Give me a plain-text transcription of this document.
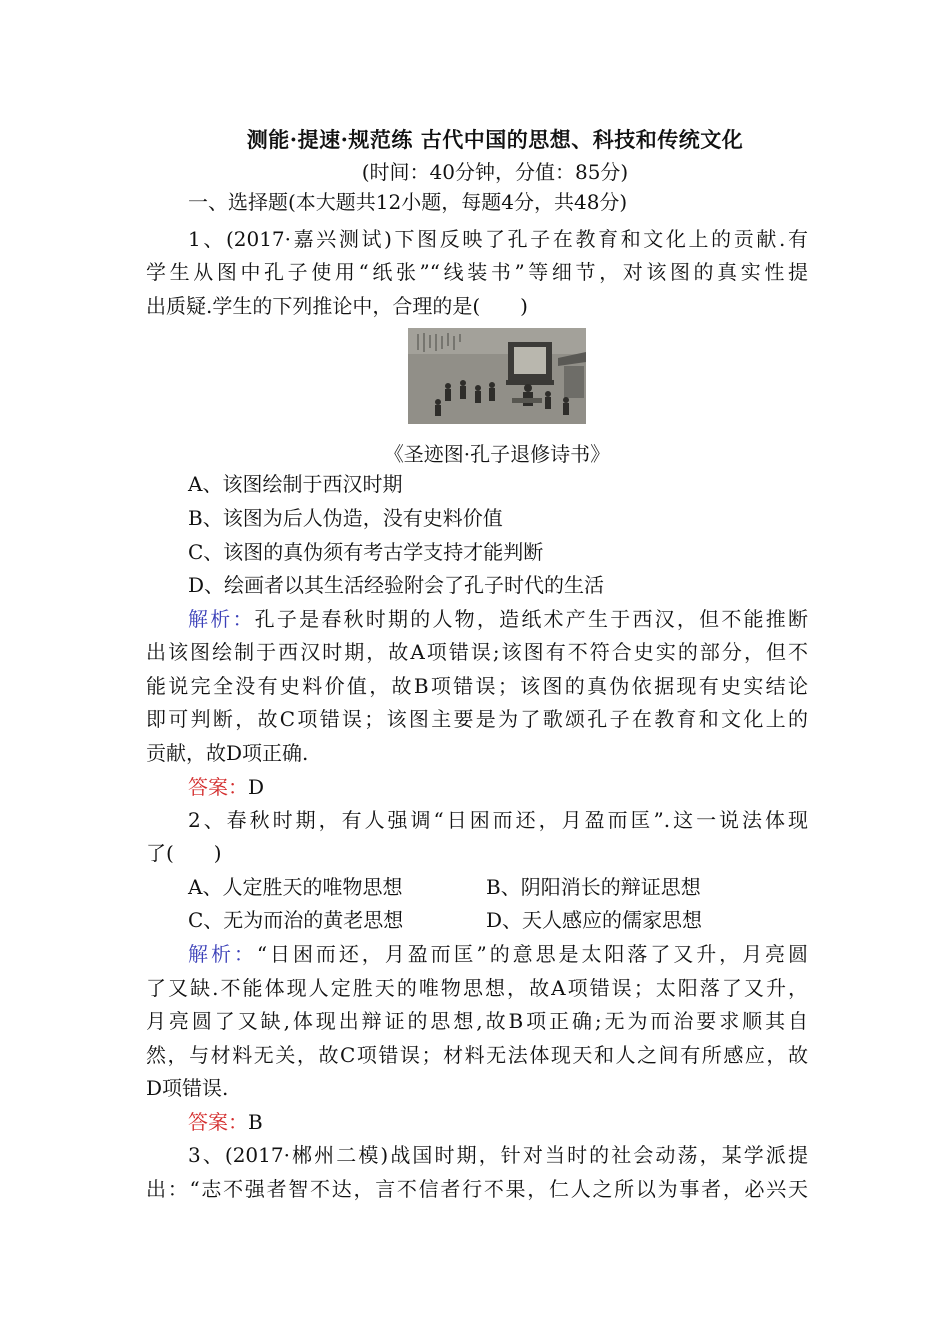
测能·提速·规范练 古代中国的思想、科技和传统文化
(时间：40分钟，分值：85分)
一、选择题(本大题共12小题，每题4分，共48分)
1、(2017·嘉兴测试)下图反映了孔子在教育和文化上的贡献.有
学生从图中孔子使用“纸张”“线装书”等细节，对该图的真实性提
出质疑.学生的下列推论中，合理的是(　　)
《圣迹图·孔子退修诗书》
A、该图绘制于西汉时期
B、该图为后人伪造，没有史料价值
C、该图的真伪须有考古学支持才能判断
D、绘画者以其生活经验附会了孔子时代的生活
解析：孔子是春秋时期的人物，造纸术产生于西汉，但不能推断
出该图绘制于西汉时期，故A项错误;该图有不符合史实的部分，但不
能说完全没有史料价值，故B项错误；该图的真伪依据现有史实结论
即可判断，故C项错误；该图主要是为了歌颂孔子在教育和文化上的
贡献，故D项正确.
答案：D
2、春秋时期，有人强调“日困而还，月盈而匡”.这一说法体现
了(　　)
A、人定胜天的唯物思想	B、阴阳消长的辩证思想
C、无为而治的黄老思想	D、天人感应的儒家思想
解析：“日困而还，月盈而匡”的意思是太阳落了又升，月亮圆
了又缺.不能体现人定胜天的唯物思想，故A项错误；太阳落了又升，
月亮圆了又缺,体现出辩证的思想,故B项正确;无为而治要求顺其自
然，与材料无关，故C项错误；材料无法体现天和人之间有所感应，故
D项错误.
答案：B
3、(2017·郴州二模)战国时期，针对当时的社会动荡，某学派提
出：“志不强者智不达，言不信者行不果，仁人之所以为事者，必兴天
